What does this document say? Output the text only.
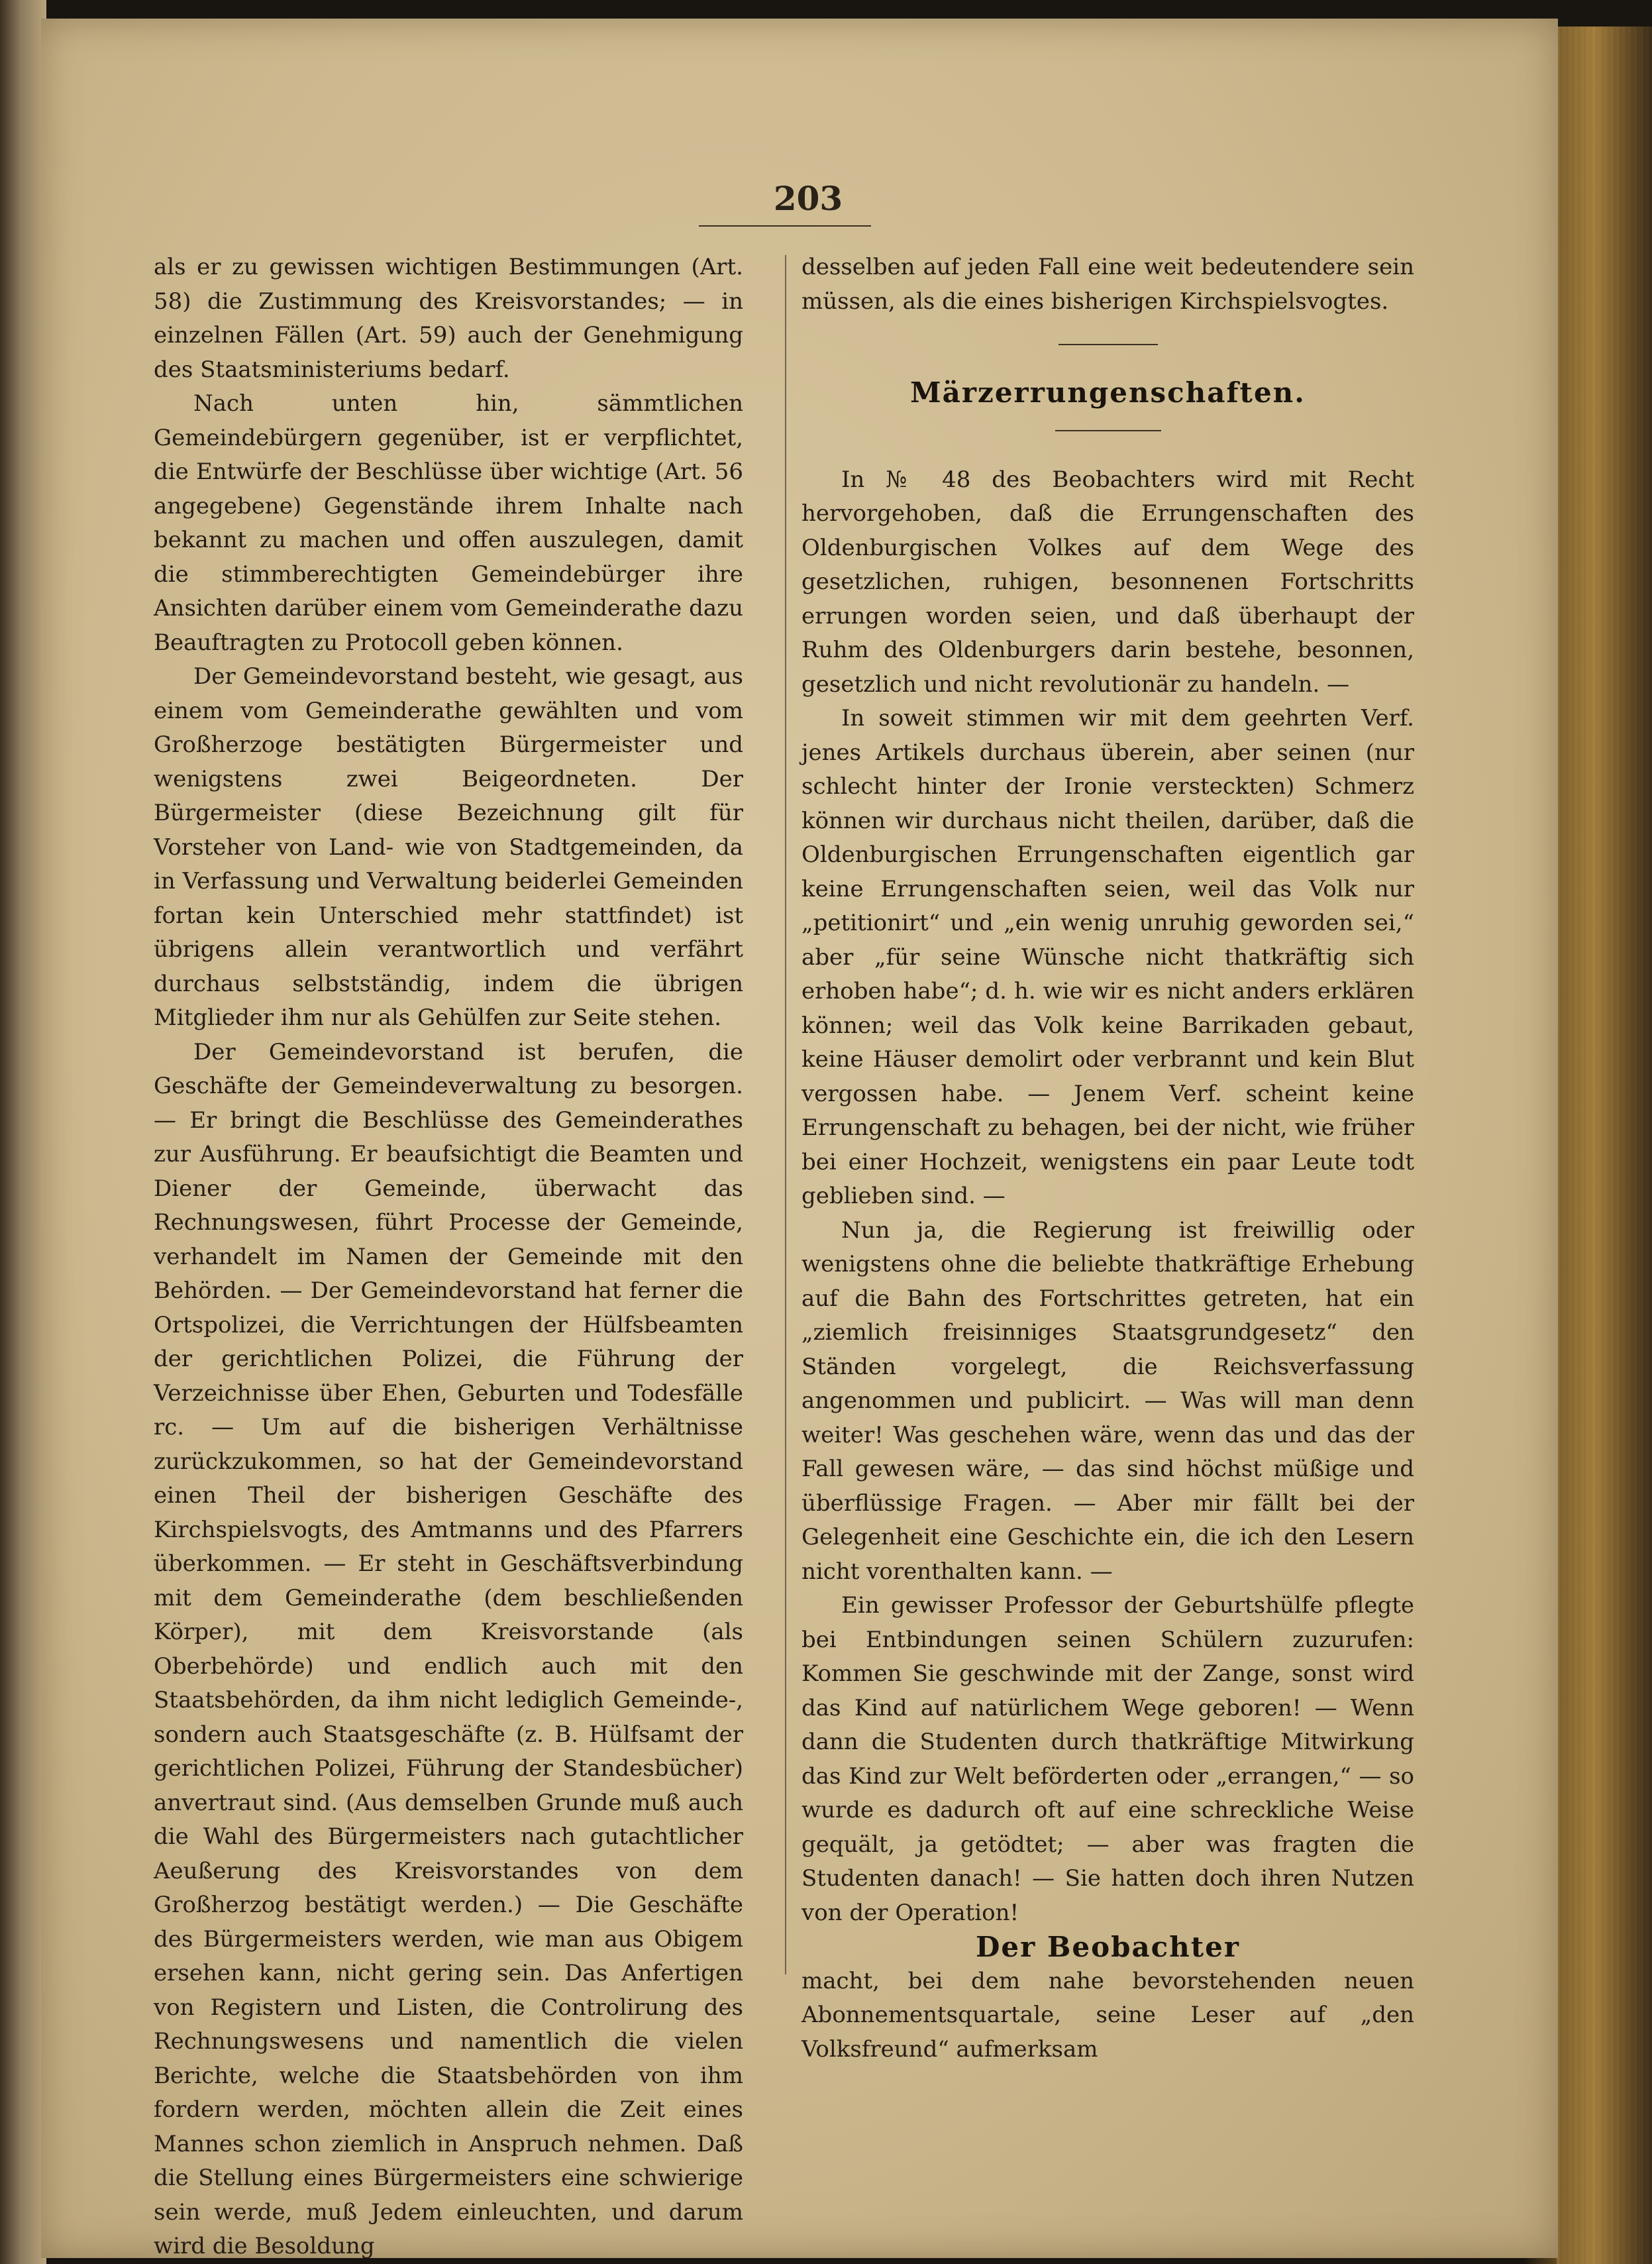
203

als er zu gewissen wichtigen Bestimmungen (Art. 58) die Zustimmung des Kreisvorstandes; — in einzelnen Fällen (Art. 59) auch der Genehmigung des Staatsministeriums bedarf.

Nach unten hin, sämmtlichen Gemeindebürgern gegenüber, ist er verpflichtet, die Entwürfe der Beschlüsse über wichtige (Art. 56 angegebene) Gegenstände ihrem Inhalte nach bekannt zu machen und offen auszulegen, damit die stimmberechtigten Gemeindebürger ihre Ansichten darüber einem vom Gemeinderathe dazu Beauftragten zu Protocoll geben können.

Der Gemeindevorstand besteht, wie gesagt, aus einem vom Gemeinderathe gewählten und vom Großherzoge bestätigten Bürgermeister und wenigstens zwei Beigeordneten. Der Bürgermeister (diese Bezeichnung gilt für Vorsteher von Land- wie von Stadtgemeinden, da in Verfassung und Verwaltung beiderlei Gemeinden fortan kein Unterschied mehr stattfindet) ist übrigens allein verantwortlich und verfährt durchaus selbstständig, indem die übrigen Mitglieder ihm nur als Gehülfen zur Seite stehen.

Der Gemeindevorstand ist berufen, die Geschäfte der Gemeindeverwaltung zu besorgen. — Er bringt die Beschlüsse des Gemeinderathes zur Ausführung. Er beaufsichtigt die Beamten und Diener der Gemeinde, überwacht das Rechnungswesen, führt Processe der Gemeinde, verhandelt im Namen der Gemeinde mit den Behörden. — Der Gemeindevorstand hat ferner die Ortspolizei, die Verrichtungen der Hülfsbeamten der gerichtlichen Polizei, die Führung der Verzeichnisse über Ehen, Geburten und Todesfälle rc. — Um auf die bisherigen Verhältnisse zurückzukommen, so hat der Gemeindevorstand einen Theil der bisherigen Geschäfte des Kirchspielsvogts, des Amtmanns und des Pfarrers überkommen. — Er steht in Geschäftsverbindung mit dem Gemeinderathe (dem beschließenden Körper), mit dem Kreisvorstande (als Oberbehörde) und endlich auch mit den Staatsbehörden, da ihm nicht lediglich Gemeinde-, sondern auch Staatsgeschäfte (z. B. Hülfsamt der gerichtlichen Polizei, Führung der Standesbücher) anvertraut sind. (Aus demselben Grunde muß auch die Wahl des Bürgermeisters nach gutachtlicher Aeußerung des Kreisvorstandes von dem Großherzog bestätigt werden.) — Die Geschäfte des Bürgermeisters werden, wie man aus Obigem ersehen kann, nicht gering sein. Das Anfertigen von Registern und Listen, die Controlirung des Rechnungswesens und namentlich die vielen Berichte, welche die Staatsbehörden von ihm fordern werden, möchten allein die Zeit eines Mannes schon ziemlich in Anspruch nehmen. Daß die Stellung eines Bürgermeisters eine schwierige sein werde, muß Jedem einleuchten, und darum wird die Besoldung

desselben auf jeden Fall eine weit bedeutendere sein müssen, als die eines bisherigen Kirchspielsvogtes.

Märzerrungenschaften.

In № 48 des Beobachters wird mit Recht hervorgehoben, daß die Errungenschaften des Oldenburgischen Volkes auf dem Wege des gesetzlichen, ruhigen, besonnenen Fortschritts errungen worden seien, und daß überhaupt der Ruhm des Oldenburgers darin bestehe, besonnen, gesetzlich und nicht revolutionär zu handeln. —

In soweit stimmen wir mit dem geehrten Verf. jenes Artikels durchaus überein, aber seinen (nur schlecht hinter der Ironie versteckten) Schmerz können wir durchaus nicht theilen, darüber, daß die Oldenburgischen Errungenschaften eigentlich gar keine Errungenschaften seien, weil das Volk nur „petitionirt“ und „ein wenig unruhig geworden sei,“ aber „für seine Wünsche nicht thatkräftig sich erhoben habe“; d. h. wie wir es nicht anders erklären können; weil das Volk keine Barrikaden gebaut, keine Häuser demolirt oder verbrannt und kein Blut vergossen habe. — Jenem Verf. scheint keine Errungenschaft zu behagen, bei der nicht, wie früher bei einer Hochzeit, wenigstens ein paar Leute todt geblieben sind. —

Nun ja, die Regierung ist freiwillig oder wenigstens ohne die beliebte thatkräftige Erhebung auf die Bahn des Fortschrittes getreten, hat ein „ziemlich freisinniges Staatsgrundgesetz“ den Ständen vorgelegt, die Reichsverfassung angenommen und publicirt. — Was will man denn weiter! Was geschehen wäre, wenn das und das der Fall gewesen wäre, — das sind höchst müßige und überflüssige Fragen. — Aber mir fällt bei der Gelegenheit eine Geschichte ein, die ich den Lesern nicht vorenthalten kann. —

Ein gewisser Professor der Geburtshülfe pflegte bei Entbindungen seinen Schülern zuzurufen: Kommen Sie geschwinde mit der Zange, sonst wird das Kind auf natürlichem Wege geboren! — Wenn dann die Studenten durch thatkräftige Mitwirkung das Kind zur Welt beförderten oder „errangen,“ — so wurde es dadurch oft auf eine schreckliche Weise gequält, ja getödtet; — aber was fragten die Studenten danach! — Sie hatten doch ihren Nutzen von der Operation!

Der Beobachter

macht, bei dem nahe bevorstehenden neuen Abonnementsquartale, seine Leser auf „den Volksfreund“ aufmerksam
